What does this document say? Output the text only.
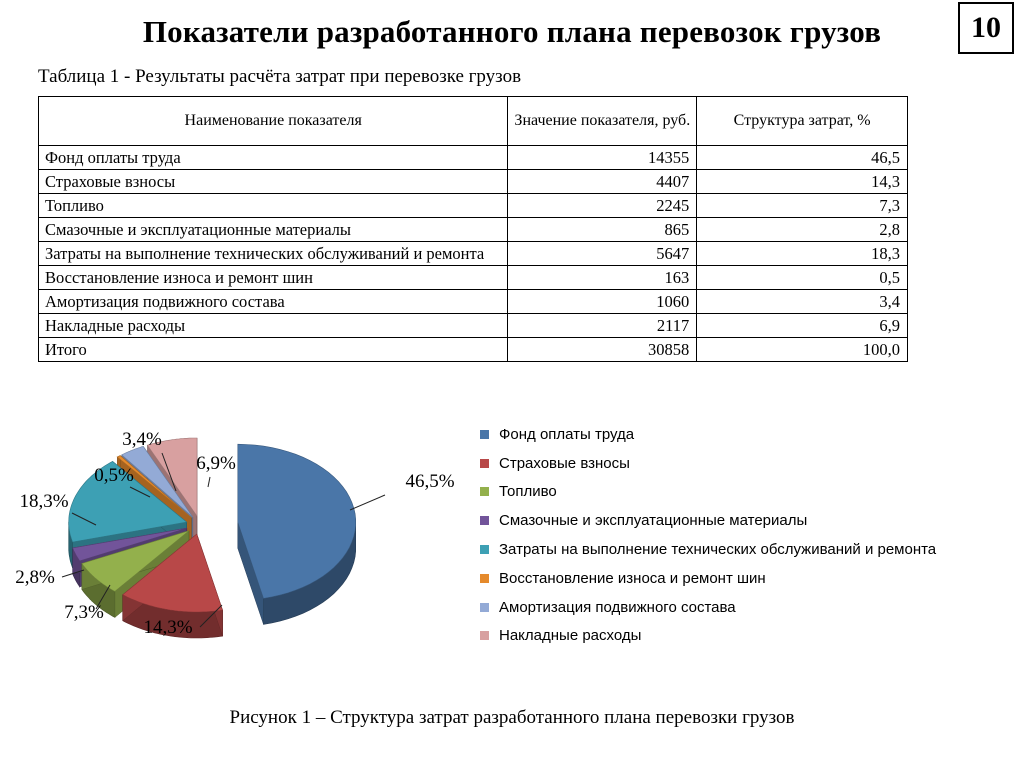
Показатели разработанного плана перевозок грузов	10
Таблица 1 - Результаты расчёта затрат при перевозке грузов
Наименование показателя	Значение показателя, руб.	Структура затрат, %
Фонд оплаты труда	14355	46,5
Страховые взносы	4407	14,3
Топливо	2245	7,3
Смазочные и эксплуатационные материалы	865	2,8
Затраты на выполнение технических обслуживаний и ремонта	5647	18,3
Восстановление износа и ремонт шин	163	0,5
Амортизация подвижного состава	1060	3,4
Накладные расходы	2117	6,9
Итого	30858	100,0
46,5%
14,3%
7,3%
2,8%
18,3%
0,5%
3,4%
6,9%
Фонд оплаты труда
Страховые взносы
Топливо
Смазочные и эксплуатационные материалы
Затраты на выполнение технических обслуживаний и ремонта
Восстановление износа и ремонт шин
Амортизация подвижного состава
Накладные расходы
Рисунок 1 – Структура затрат разработанного плана перевозки грузов
